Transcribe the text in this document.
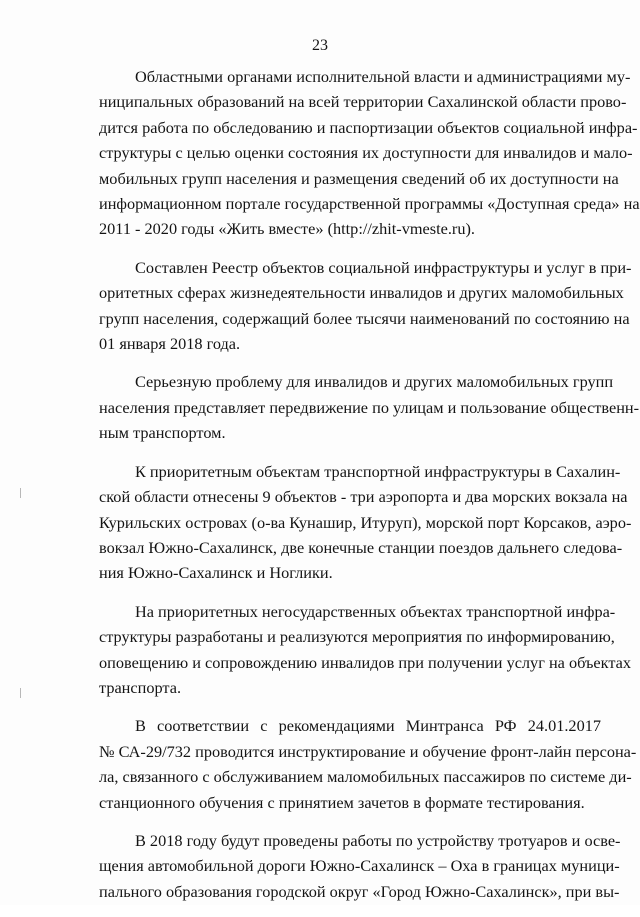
23

Областными органами исполнительной власти и администрациями му-
ниципальных образований на всей территории Сахалинской области прово-
дится работа по обследованию и паспортизации объектов социальной инфра-
структуры с целью оценки состояния их доступности для инвалидов и мало-
мобильных групп населения и размещения сведений об их доступности на
информационном портале государственной программы «Доступная среда» на
2011 - 2020 годы «Жить вместе» (http://zhit-vmeste.ru).

Составлен Реестр объектов социальной инфраструктуры и услуг в при-
оритетных сферах жизнедеятельности инвалидов и других маломобильных
групп населения, содержащий более тысячи наименований по состоянию на
01 января 2018 года.

Серьезную проблему для инвалидов и других маломобильных групп
населения представляет передвижение по улицам и пользование общественн-
ным транспортом.

К приоритетным объектам транспортной инфраструктуры в Сахалин-
ской области отнесены 9 объектов - три аэропорта и два морских вокзала на
Курильских островах (о-ва Кунашир, Итуруп), морской порт Корсаков, аэро-
вокзал Южно-Сахалинск, две конечные станции поездов дальнего следова-
ния Южно-Сахалинск и Ноглики.

На приоритетных негосударственных объектах транспортной инфра-
структуры разработаны и реализуются мероприятия по информированию,
оповещению и сопровождению инвалидов при получении услуг на объектах
транспорта.

В соответствии с рекомендациями Минтранса РФ 24.01.2017
№ СА-29/732 проводится инструктирование и обучение фронт-лайн персона-
ла, связанного с обслуживанием маломобильных пассажиров по системе ди-
станционного обучения с принятием зачетов в формате тестирования.

В 2018 году будут проведены работы по устройству тротуаров и осве-
щения автомобильной дороги Южно-Сахалинск – Оха в границах муници-
пального образования городской округ «Город Южно-Сахалинск», при вы-
